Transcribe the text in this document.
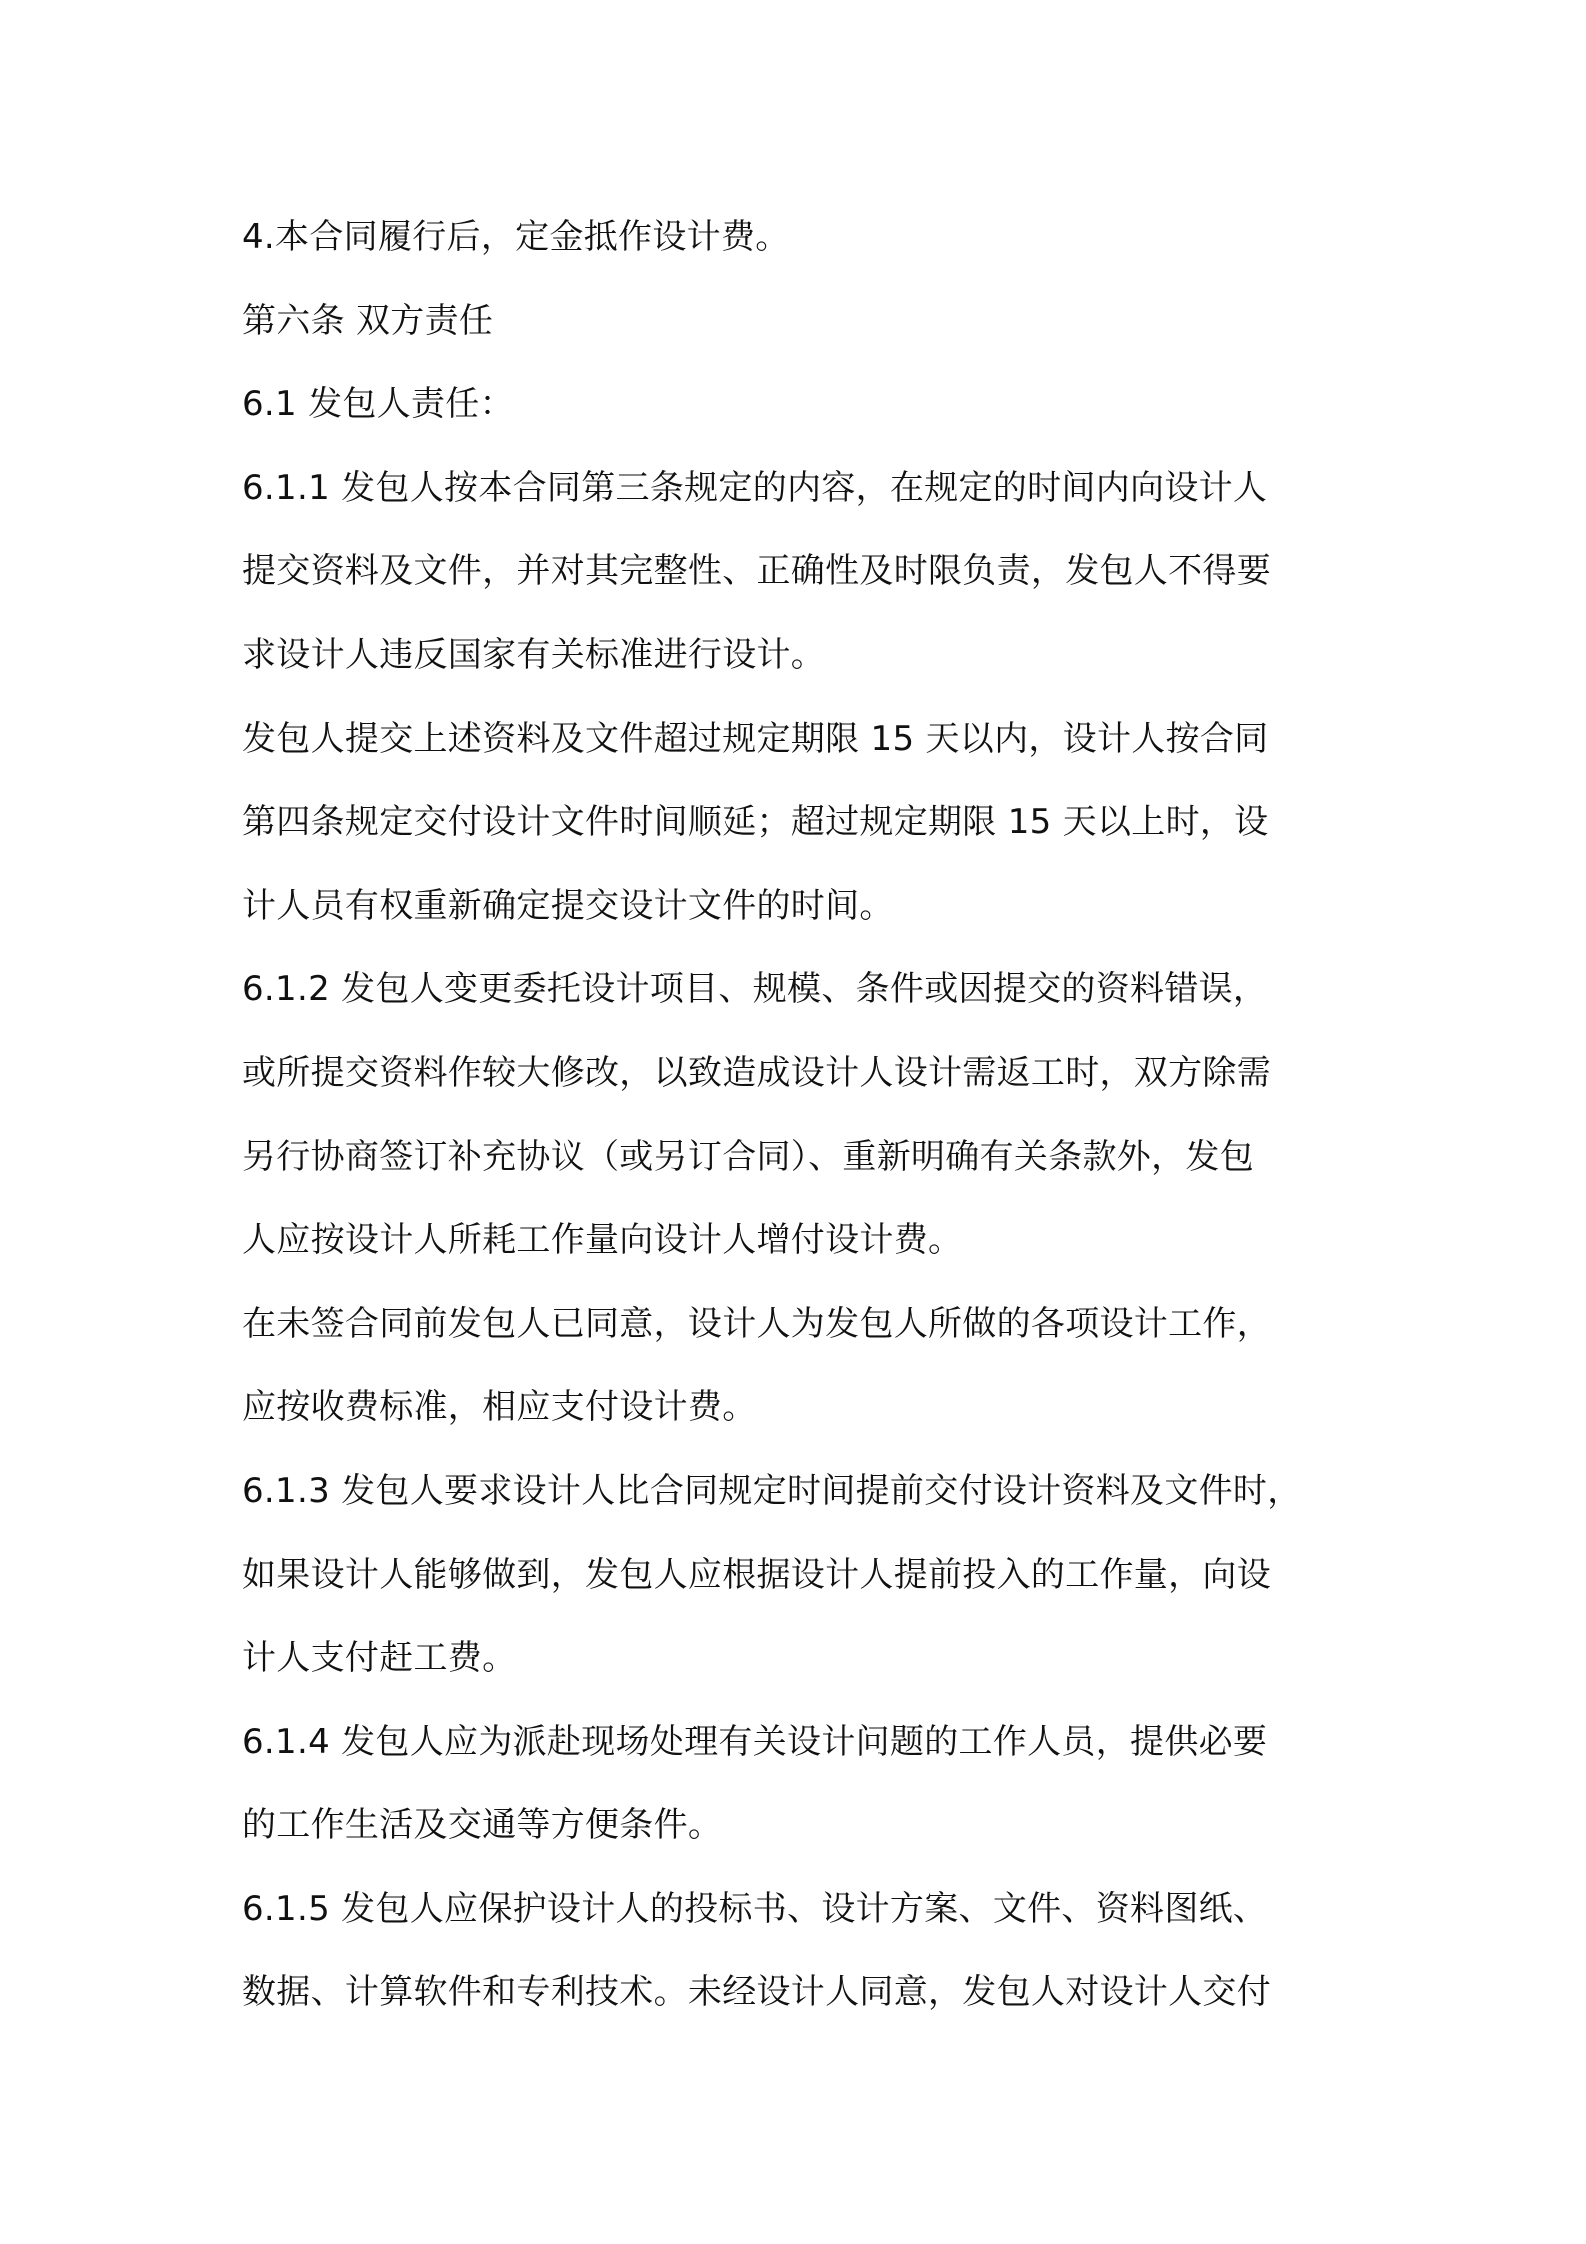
4.本合同履行后，定金抵作设计费。
第六条 双方责任
6.1 发包人责任：
6.1.1 发包人按本合同第三条规定的内容，在规定的时间内向设计人
提交资料及文件，并对其完整性、正确性及时限负责，发包人不得要
求设计人违反国家有关标准进行设计。
发包人提交上述资料及文件超过规定期限 15 天以内，设计人按合同
第四条规定交付设计文件时间顺延；超过规定期限 15 天以上时，设
计人员有权重新确定提交设计文件的时间。
6.1.2 发包人变更委托设计项目、规模、条件或因提交的资料错误，
或所提交资料作较大修改，以致造成设计人设计需返工时，双方除需
另行协商签订补充协议（或另订合同）、重新明确有关条款外，发包
人应按设计人所耗工作量向设计人增付设计费。
在未签合同前发包人已同意，设计人为发包人所做的各项设计工作，
应按收费标准，相应支付设计费。
6.1.3 发包人要求设计人比合同规定时间提前交付设计资料及文件时，
如果设计人能够做到，发包人应根据设计人提前投入的工作量，向设
计人支付赶工费。
6.1.4 发包人应为派赴现场处理有关设计问题的工作人员，提供必要
的工作生活及交通等方便条件。
6.1.5 发包人应保护设计人的投标书、设计方案、文件、资料图纸、
数据、计算软件和专利技术。未经设计人同意，发包人对设计人交付
